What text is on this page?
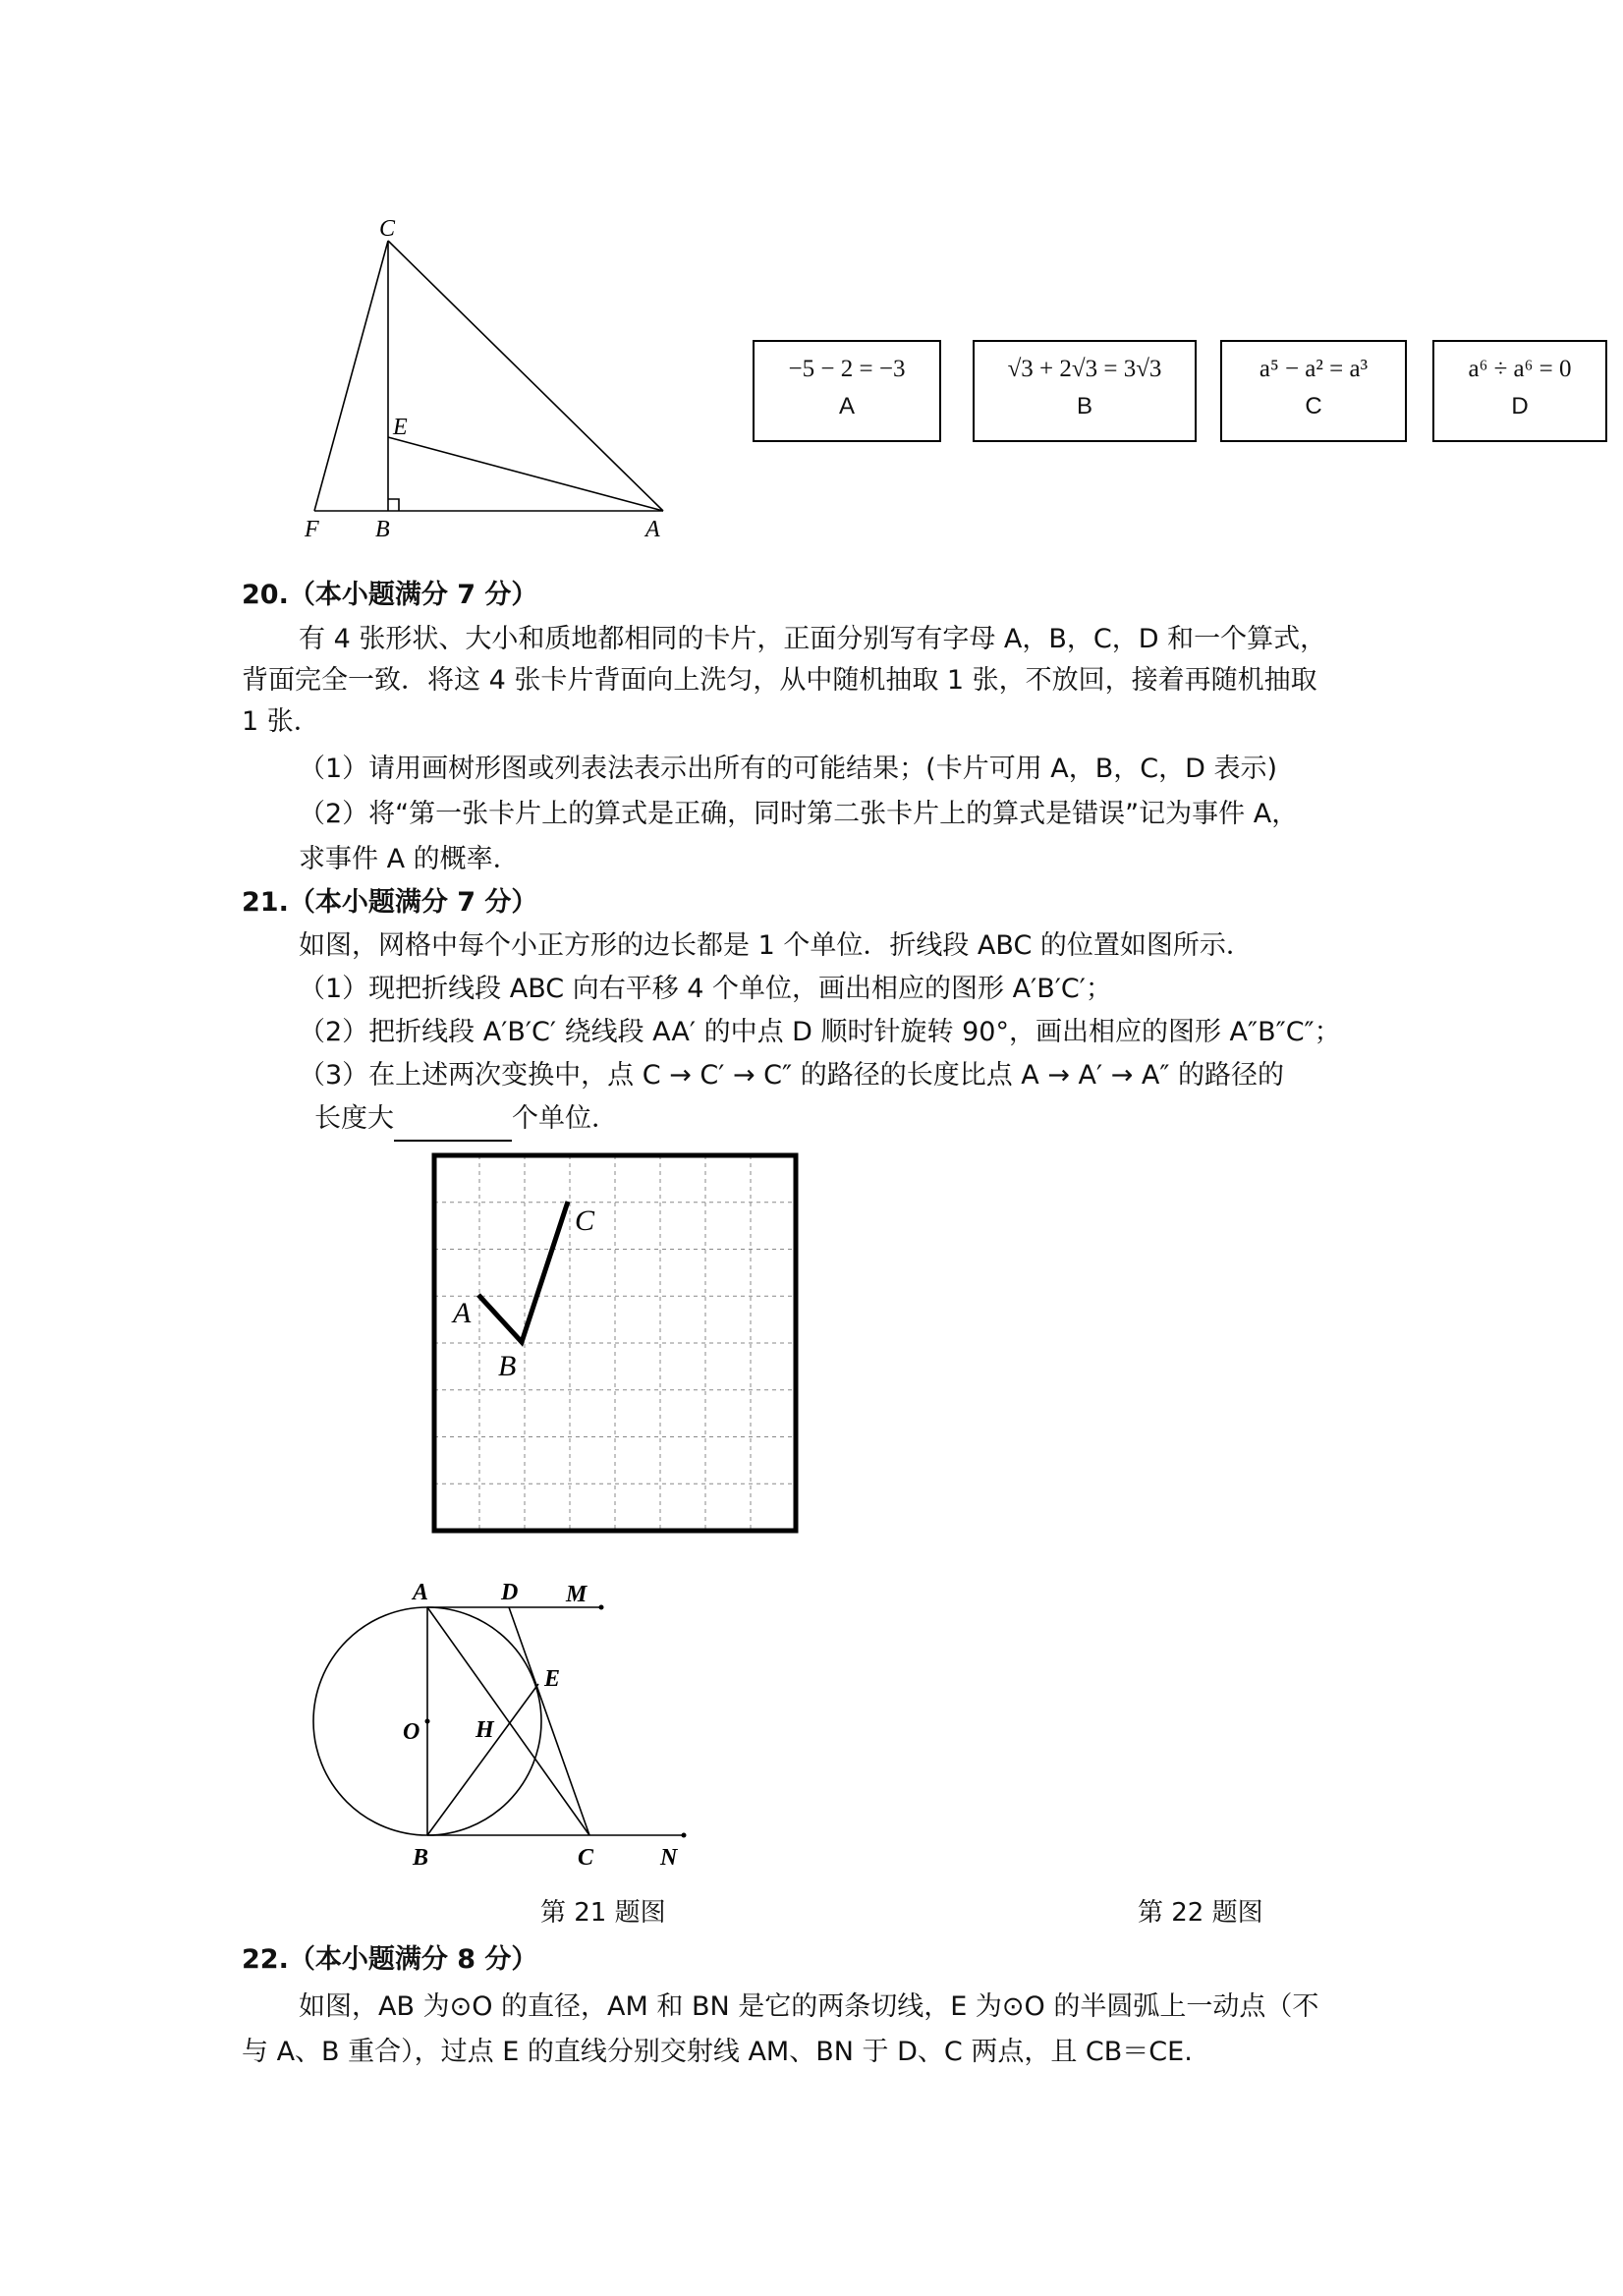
C
E
F B	A
−5 − 2 = −3
A
√3 + 2√3 = 3√3
B
a⁵ − a² = a³
C
a⁶ ÷ a⁶ = 0
D
20.（本小题满分 7 分）
有 4 张形状、大小和质地都相同的卡片，正面分别写有字母 A，B，C，D 和一个算式，
背面完全一致．将这 4 张卡片背面向上洗匀，从中随机抽取 1 张，不放回，接着再随机抽取
1 张．
（1）请用画树形图或列表法表示出所有的可能结果；(卡片可用 A，B，C，D 表示)
（2）将“第一张卡片上的算式是正确，同时第二张卡片上的算式是错误”记为事件 A，
求事件 A 的概率．
21.（本小题满分 7 分）
如图，网格中每个小正方形的边长都是 1 个单位．折线段 ABC 的位置如图所示．
（1）现把折线段 ABC 向右平移 4 个单位，画出相应的图形 A′B′C′；
（2）把折线段 A′B′C′ 绕线段 AA′ 的中点 D 顺时针旋转 90°，画出相应的图形 A″B″C″；
（3）在上述两次变换中，点 C → C′ → C″ 的路径的长度比点 A → A′ → A″ 的路径的
长度大	个单位．
A
B
C
A	D M
E
O H
B	C	N
第 21 题图	第 22 题图
22.（本小题满分 8 分）
如图，AB 为⊙O 的直径，AM 和 BN 是它的两条切线，E 为⊙O 的半圆弧上一动点（不
与 A、B 重合），过点 E 的直线分别交射线 AM、BN 于 D、C 两点，且 CB＝CE.
